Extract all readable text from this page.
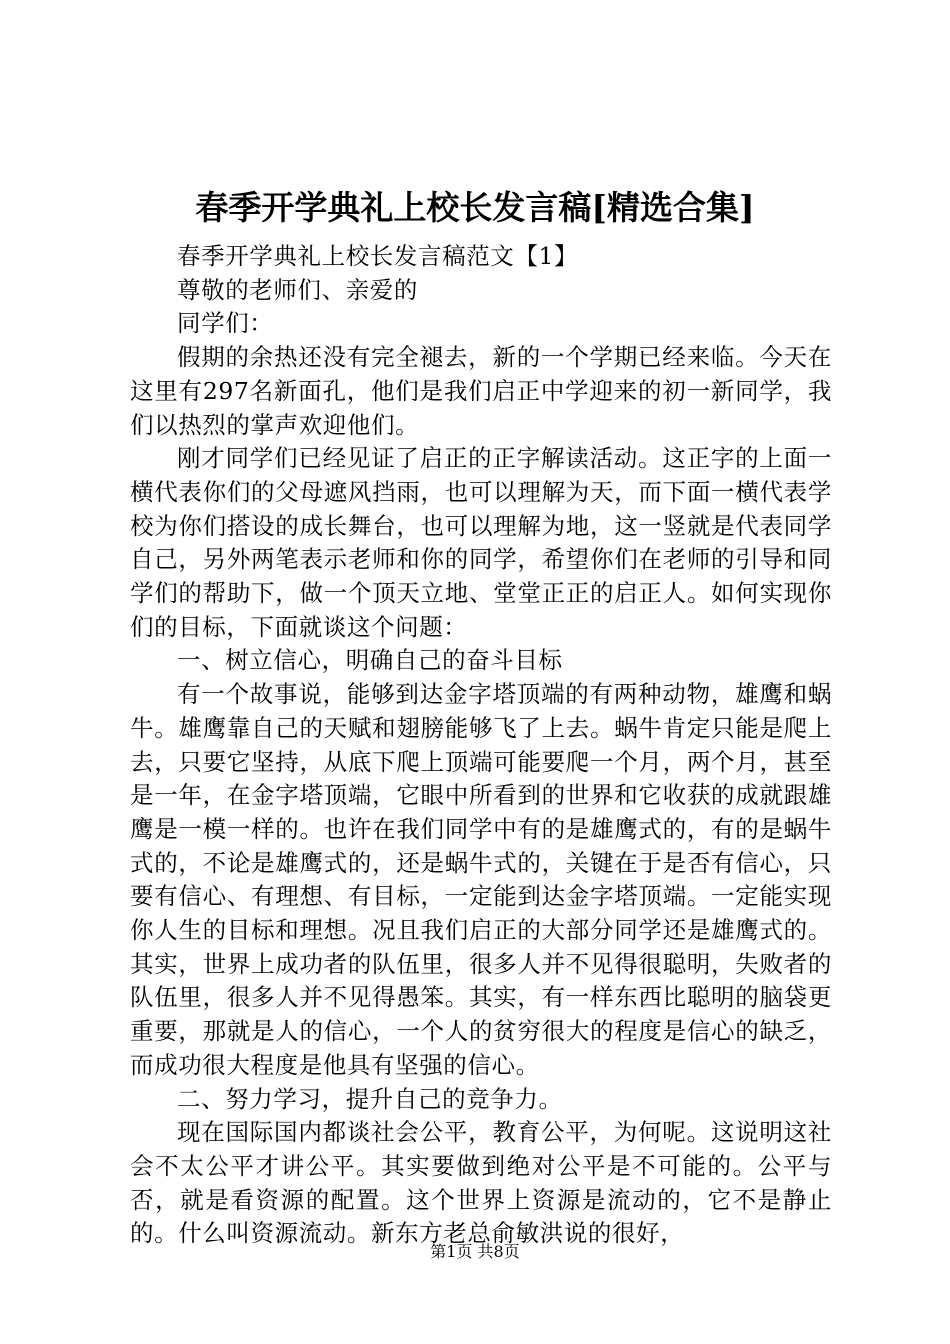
春季开学典礼上校长发言稿[精选合集]

春季开学典礼上校长发言稿范文【1】

尊敬的老师们、亲爱的

同学们：

假期的余热还没有完全褪去，新的一个学期已经来临。今天在这里有297名新面孔，他们是我们启正中学迎来的初一新同学，我们以热烈的掌声欢迎他们。

刚才同学们已经见证了启正的正字解读活动。这正字的上面一横代表你们的父母遮风挡雨，也可以理解为天，而下面一横代表学校为你们搭设的成长舞台，也可以理解为地，这一竖就是代表同学自己，另外两笔表示老师和你的同学，希望你们在老师的引导和同学们的帮助下，做一个顶天立地、堂堂正正的启正人。如何实现你们的目标，下面就谈这个问题：

一、树立信心，明确自己的奋斗目标

有一个故事说，能够到达金字塔顶端的有两种动物，雄鹰和蜗牛。雄鹰靠自己的天赋和翅膀能够飞了上去。蜗牛肯定只能是爬上去，只要它坚持，从底下爬上顶端可能要爬一个月，两个月，甚至是一年，在金字塔顶端，它眼中所看到的世界和它收获的成就跟雄鹰是一模一样的。也许在我们同学中有的是雄鹰式的，有的是蜗牛式的，不论是雄鹰式的，还是蜗牛式的，关键在于是否有信心，只要有信心、有理想、有目标，一定能到达金字塔顶端。一定能实现你人生的目标和理想。况且我们启正的大部分同学还是雄鹰式的。其实，世界上成功者的队伍里，很多人并不见得很聪明，失败者的队伍里，很多人并不见得愚笨。其实，有一样东西比聪明的脑袋更重要，那就是人的信心，一个人的贫穷很大的程度是信心的缺乏，而成功很大程度是他具有坚强的信心。

二、努力学习，提升自己的竞争力。

现在国际国内都谈社会公平，教育公平，为何呢。这说明这社会不太公平才讲公平。其实要做到绝对公平是不可能的。公平与否，就是看资源的配置。这个世界上资源是流动的，它不是静止的。什么叫资源流动。新东方老总俞敏洪说的很好，

第1页 共8页
